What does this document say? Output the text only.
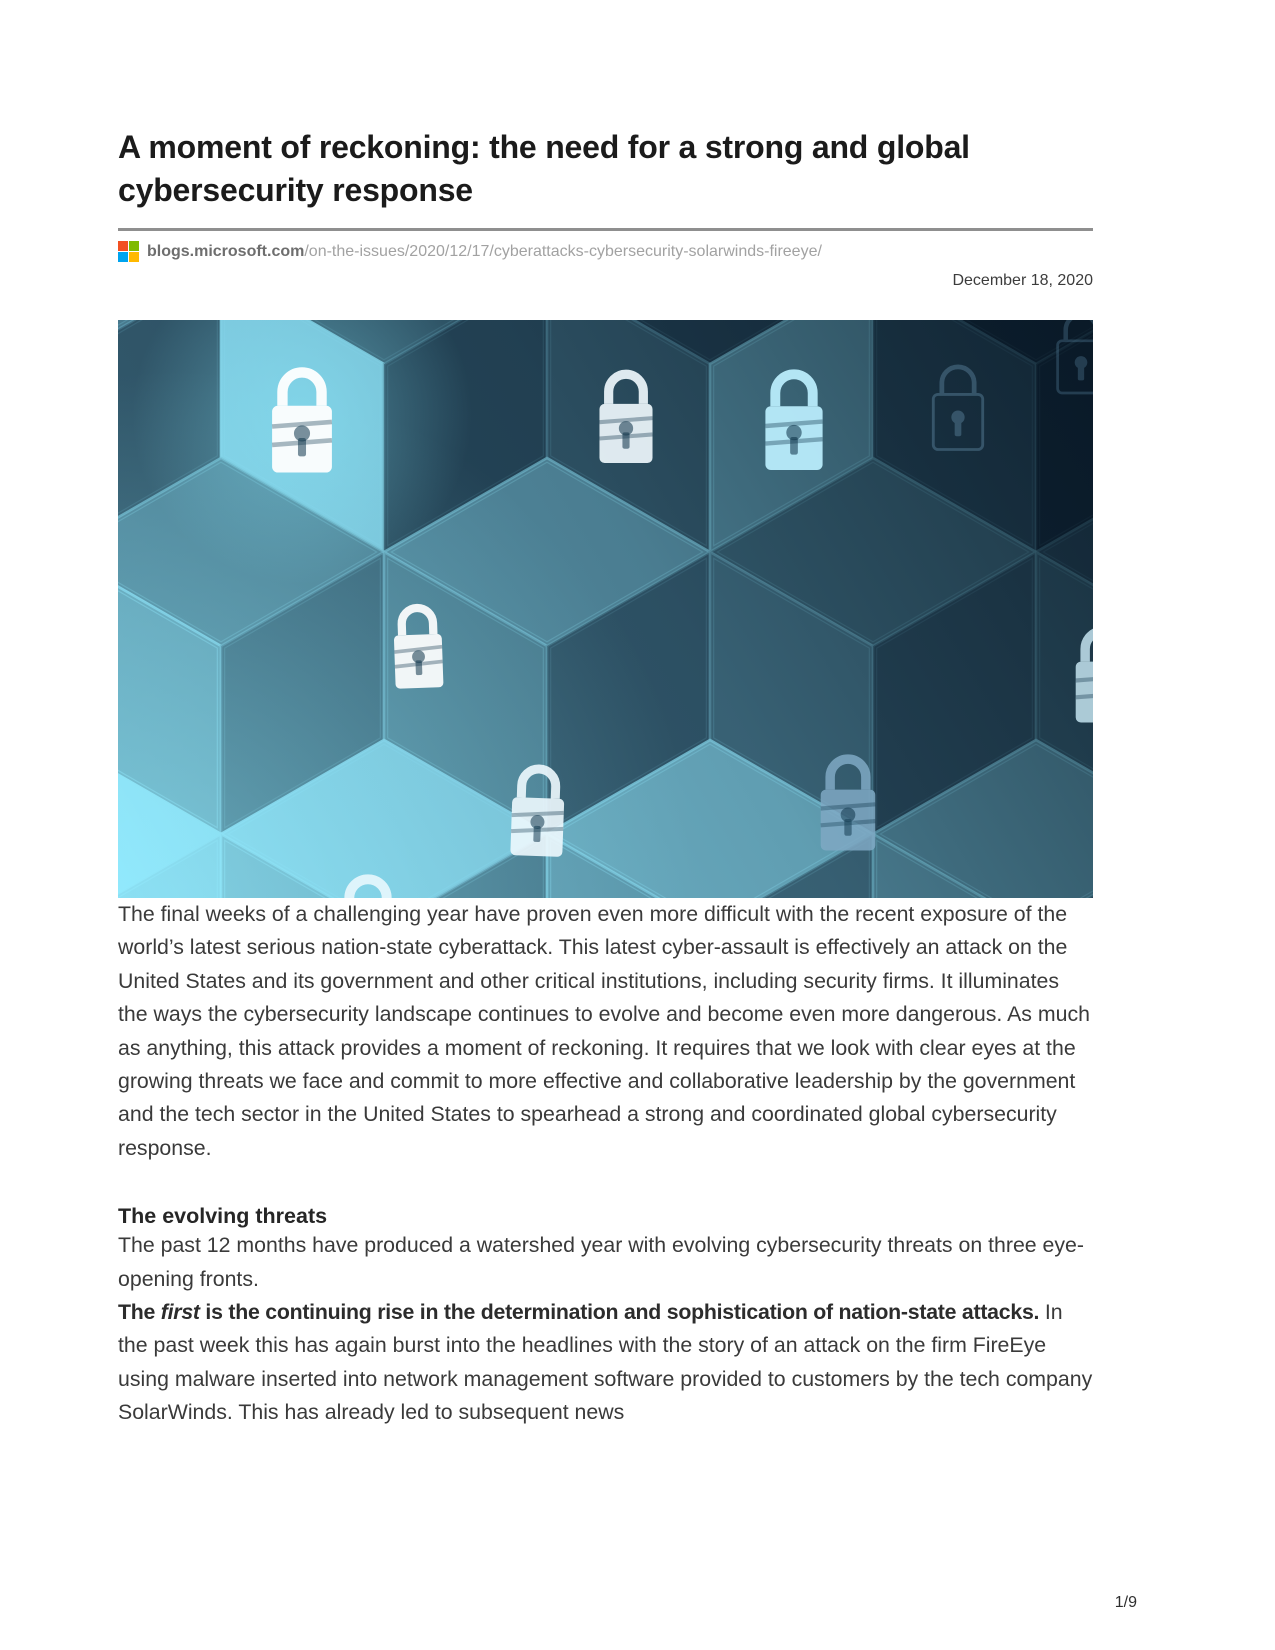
A moment of reckoning: the need for a strong and global cybersecurity response
blogs.microsoft.com/on-the-issues/2020/12/17/cyberattacks-cybersecurity-solarwinds-fireeye/
December 18, 2020

The final weeks of a challenging year have proven even more difficult with the recent exposure of the world’s latest serious nation-state cyberattack. This latest cyber-assault is effectively an attack on the United States and its government and other critical institutions, including security firms. It illuminates the ways the cybersecurity landscape continues to evolve and become even more dangerous. As much as anything, this attack provides a moment of reckoning. It requires that we look with clear eyes at the growing threats we face and commit to more effective and collaborative leadership by the government and the tech sector in the United States to spearhead a strong and coordinated global cybersecurity response.

The evolving threats

The past 12 months have produced a watershed year with evolving cybersecurity threats on three eye-opening fronts.

The first is the continuing rise in the determination and sophistication of nation-state attacks. In the past week this has again burst into the headlines with the story of an attack on the firm FireEye using malware inserted into network management software provided to customers by the tech company SolarWinds. This has already led to subsequent news

1/9
